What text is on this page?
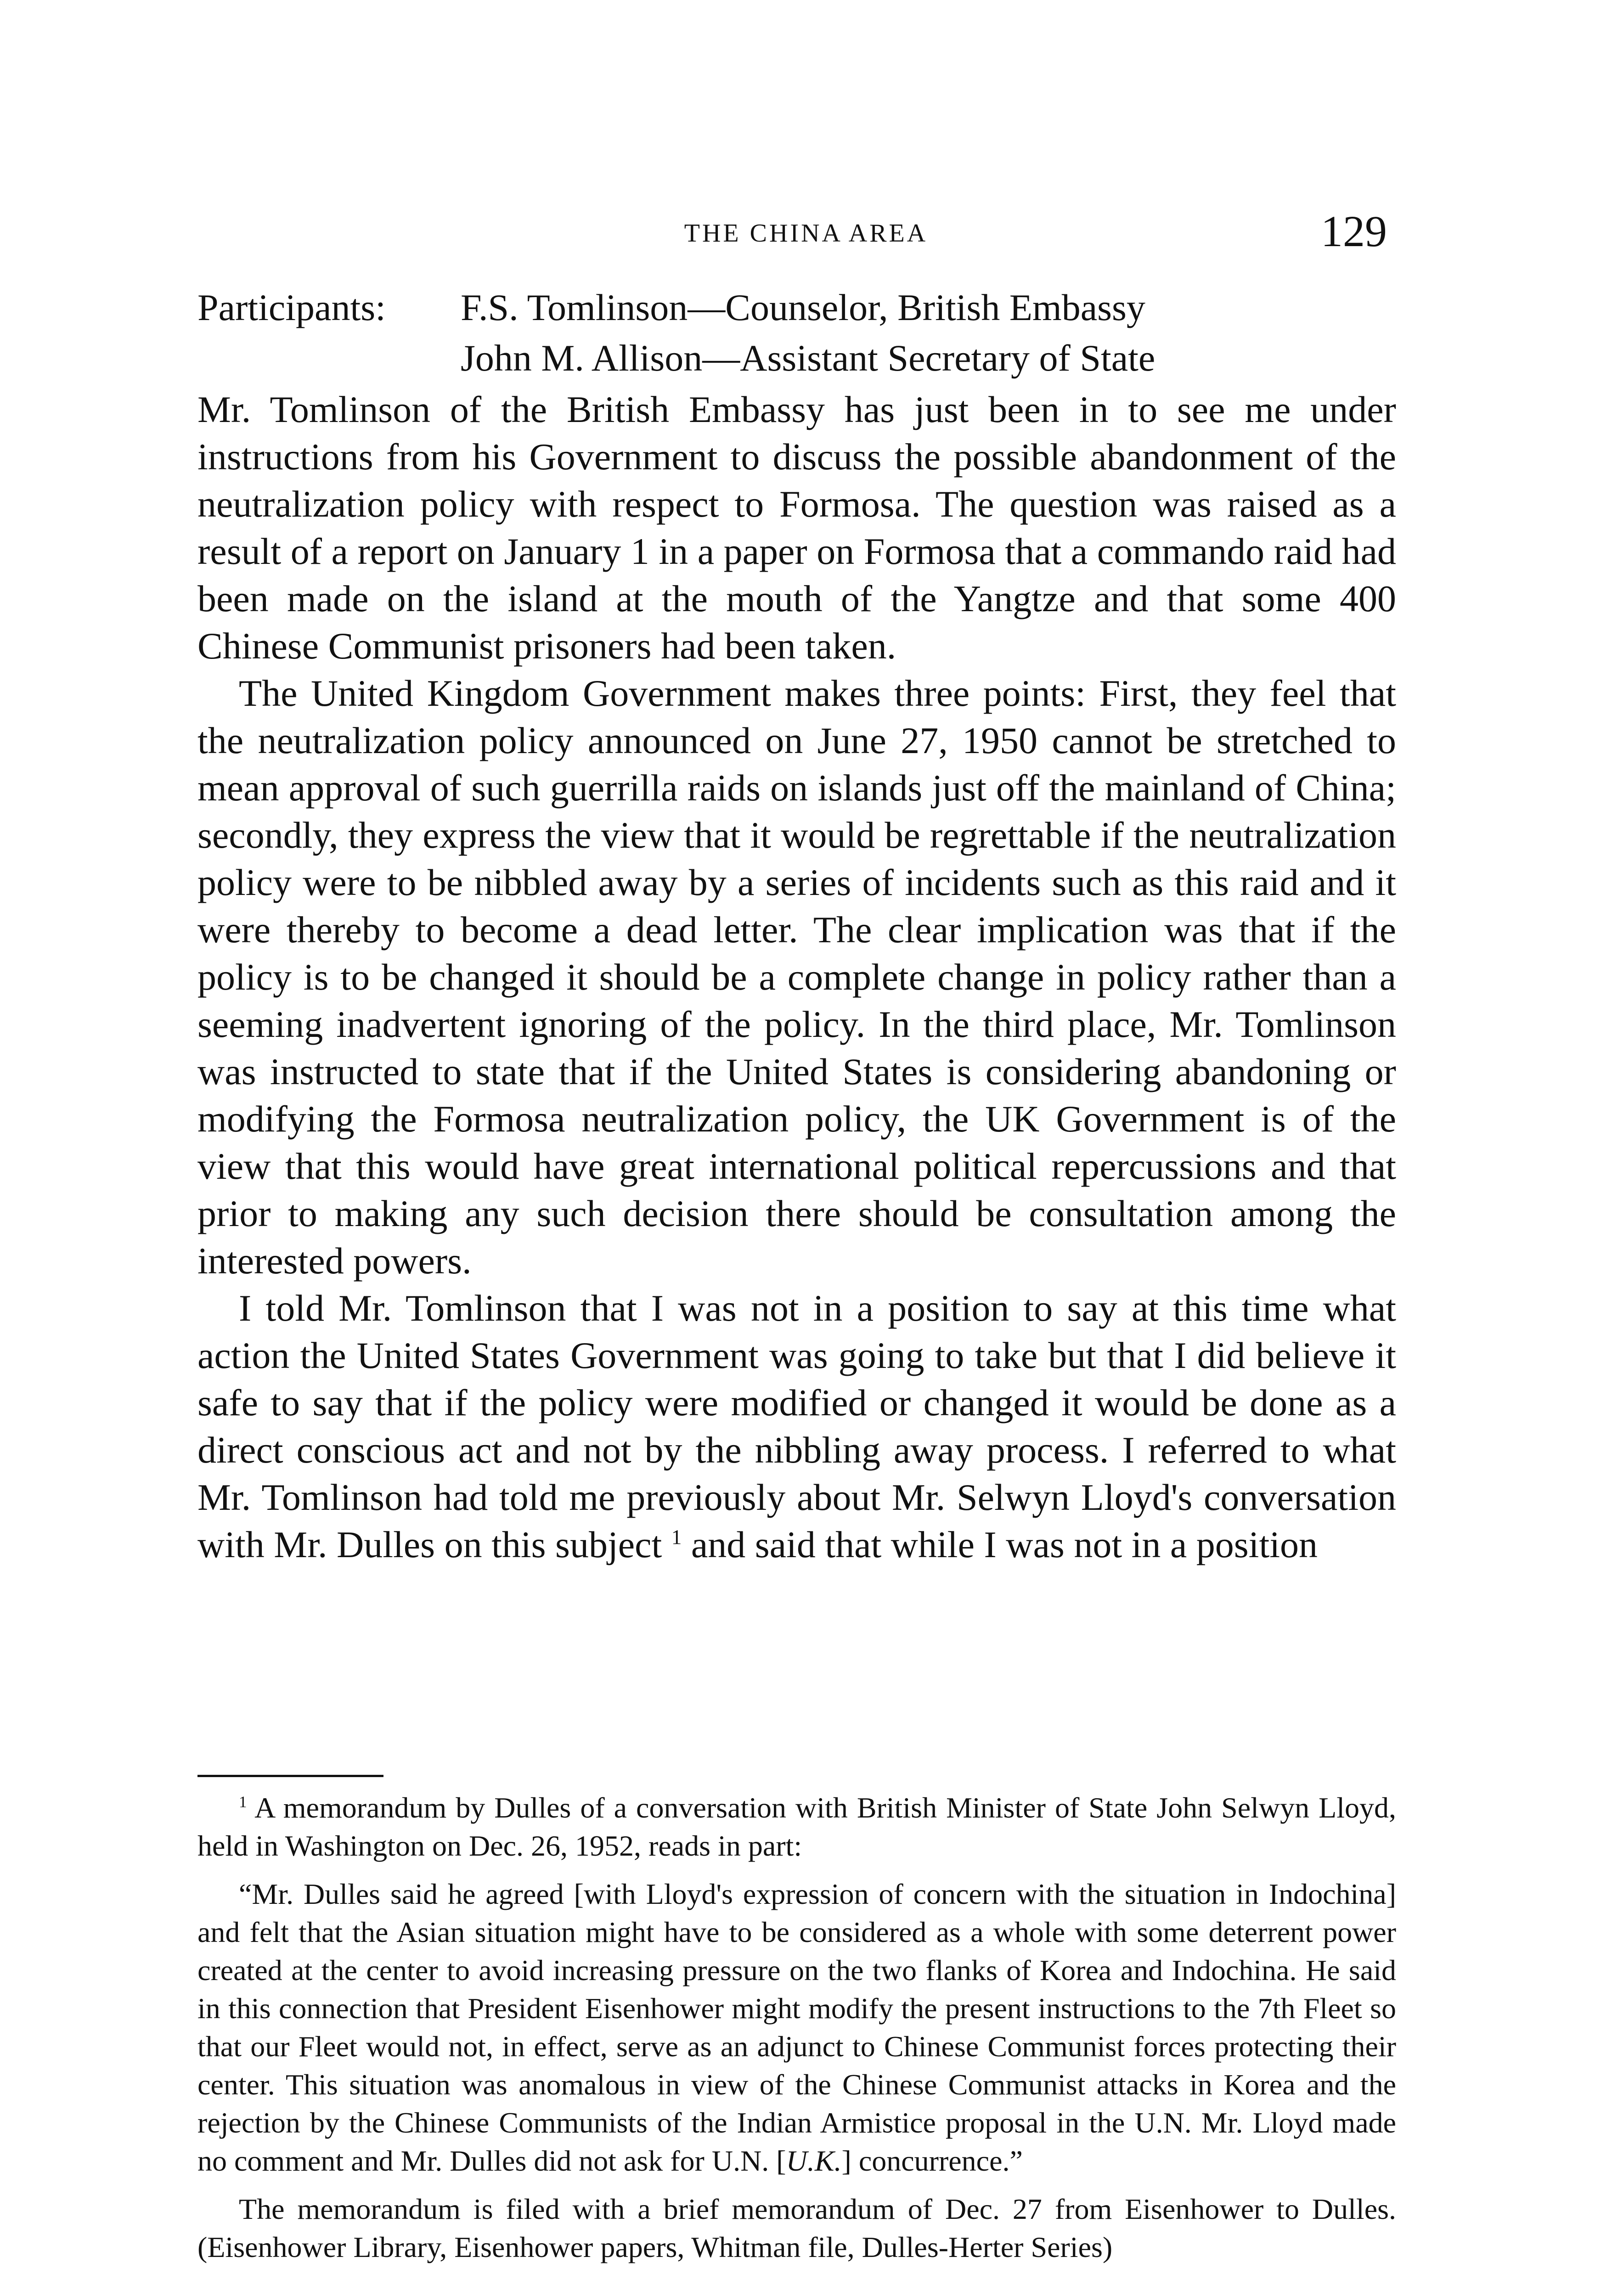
THE CHINA AREA	129
Participants:	F.S. Tomlinson—Counselor, British Embassy
John M. Allison—Assistant Secretary of State

Mr. Tomlinson of the British Embassy has just been in to see me under instructions from his Government to discuss the possible abandonment of the neutralization policy with respect to Formosa. The question was raised as a result of a report on January 1 in a paper on Formosa that a commando raid had been made on the island at the mouth of the Yangtze and that some 400 Chinese Communist prisoners had been taken.

The United Kingdom Government makes three points: First, they feel that the neutralization policy announced on June 27, 1950 cannot be stretched to mean approval of such guerrilla raids on islands just off the mainland of China; secondly, they express the view that it would be regrettable if the neutralization policy were to be nibbled away by a series of incidents such as this raid and it were thereby to become a dead letter. The clear implication was that if the policy is to be changed it should be a complete change in policy rather than a seeming inadvertent ignoring of the policy. In the third place, Mr. Tomlinson was instructed to state that if the United States is considering abandoning or modifying the Formosa neutralization policy, the UK Government is of the view that this would have great international political repercussions and that prior to making any such decision there should be consultation among the interested powers.

I told Mr. Tomlinson that I was not in a position to say at this time what action the United States Government was going to take but that I did believe it safe to say that if the policy were modified or changed it would be done as a direct conscious act and not by the nibbling away process. I referred to what Mr. Tomlinson had told me previously about Mr. Selwyn Lloyd's conversation with Mr. Dulles on this subject $^1$ and said that while I was not in a position

$^1$ A memorandum by Dulles of a conversation with British Minister of State John Selwyn Lloyd, held in Washington on Dec. 26, 1952, reads in part:

“Mr. Dulles said he agreed [with Lloyd's expression of concern with the situation in Indochina] and felt that the Asian situation might have to be considered as a whole with some deterrent power created at the center to avoid increasing pressure on the two flanks of Korea and Indochina. He said in this connection that President Eisenhower might modify the present instructions to the 7th Fleet so that our Fleet would not, in effect, serve as an adjunct to Chinese Communist forces protecting their center. This situation was anomalous in view of the Chinese Communist attacks in Korea and the rejection by the Chinese Communists of the Indian Armistice proposal in the U.N. Mr. Lloyd made no comment and Mr. Dulles did not ask for U.N. [U.K.] concurrence.”

The memorandum is filed with a brief memorandum of Dec. 27 from Eisenhower to Dulles. (Eisenhower Library, Eisenhower papers, Whitman file, Dulles-Herter Series)
